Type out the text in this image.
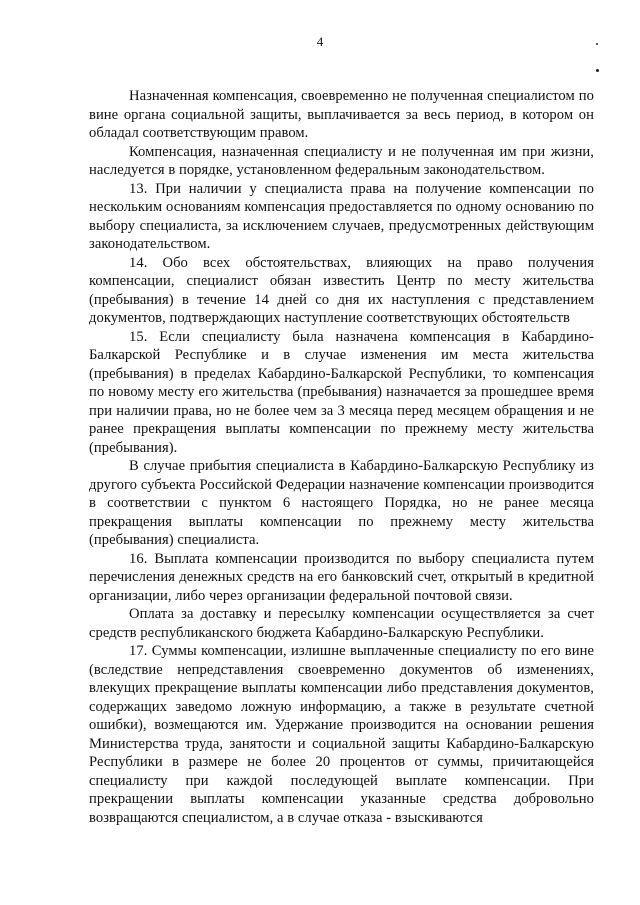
4

Назначенная компенсация, своевременно не полученная специалистом по вине органа социальной защиты, выплачивается за весь период, в котором он обладал соответствующим правом.

Компенсация, назначенная специалисту и не полученная им при жизни, наследуется в порядке, установленном федеральным законодательством.

13. При наличии у специалиста права на получение компенсации по нескольким основаниям компенсация предоставляется по одному основанию по выбору специалиста, за исключением случаев, предусмотренных действующим законодательством.

14. Обо всех обстоятельствах, влияющих на право получения компенсации, специалист обязан известить Центр по месту жительства (пребывания) в течение 14 дней со дня их наступления с представлением документов, подтверждающих наступление соответствующих обстоятельств

15. Если специалисту была назначена компенсация в Кабардино-Балкарской Республике и в случае изменения им места жительства (пребывания) в пределах Кабардино-Балкарской Республики, то компенсация по новому месту его жительства (пребывания) назначается за прошедшее время при наличии права, но не более чем за 3 месяца перед месяцем обращения и не ранее прекращения выплаты компенсации по прежнему месту жительства (пребывания).

В случае прибытия специалиста в Кабардино-Балкарскую Республику из другого субъекта Российской Федерации назначение компенсации производится в соответствии с пунктом 6 настоящего Порядка, но не ранее месяца прекращения выплаты компенсации по прежнему месту жительства (пребывания) специалиста.

16. Выплата компенсации производится по выбору специалиста путем перечисления денежных средств на его банковский счет, открытый в кредитной организации, либо через организации федеральной почтовой связи.

Оплата за доставку и пересылку компенсации осуществляется за счет средств республиканского бюджета Кабардино-Балкарскую Республики.

17. Суммы компенсации, излишне выплаченные специалисту по его вине (вследствие непредставления своевременно документов об изменениях, влекущих прекращение выплаты компенсации либо представления документов, содержащих заведомо ложную информацию, а также в результате счетной ошибки), возмещаются им. Удержание производится на основании решения Министерства труда, занятости и социальной защиты Кабардино-Балкарскую Республики в размере не более 20 процентов от суммы, причитающейся специалисту при каждой последующей выплате компенсации. При прекращении выплаты компенсации указанные средства добровольно возвращаются специалистом, а в случае отказа - взыскиваются
